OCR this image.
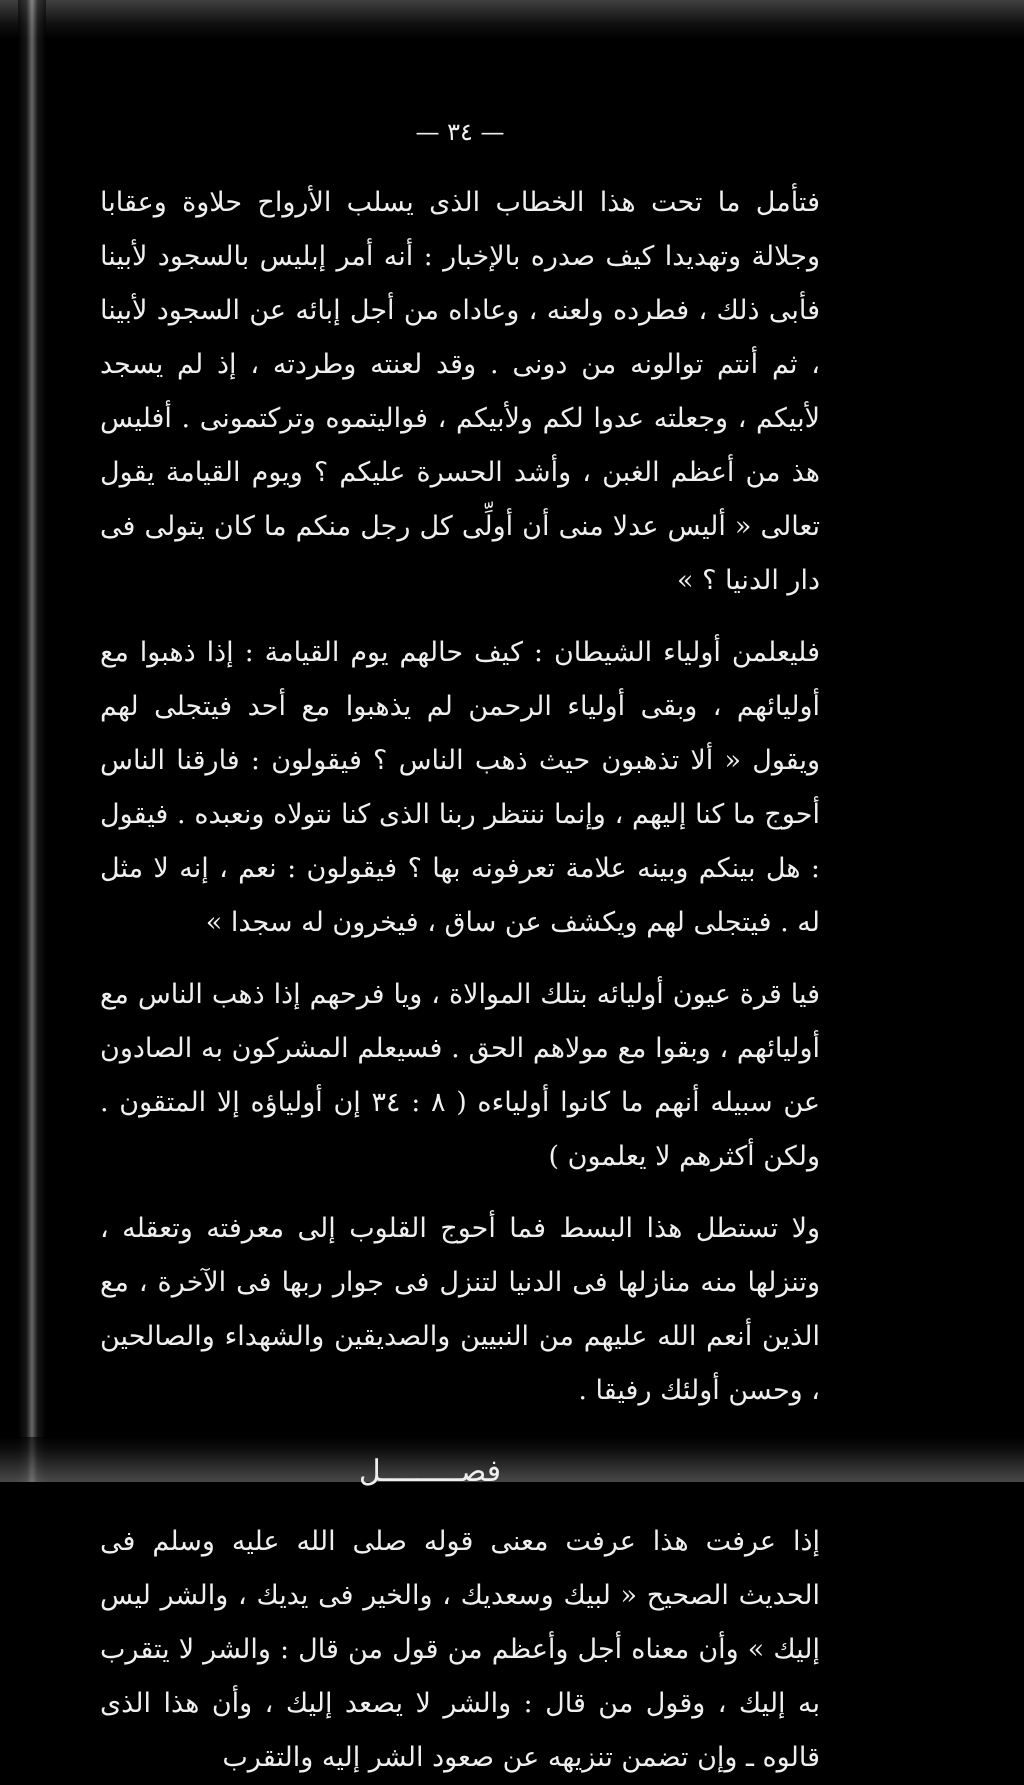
— ٣٤ —

فتأمل ما تحت هذا الخطاب الذى يسلب الأرواح حلاوة وعقابا وجلالة وتهديدا كيف صدره بالإخبار : أنه أمر إبليس بالسجود لأبينا فأبى ذلك ، فطرده ولعنه ، وعاداه من أجل إبائه عن السجود لأبينا ، ثم أنتم توالونه من دونى . وقد لعنته وطردته ، إذ لم يسجد لأبيكم ، وجعلته عدوا لكم ولأبيكم ، فواليتموه وتركتمونى . أفليس هذ من أعظم الغبن ، وأشد الحسرة عليكم ؟ ويوم القيامة يقول تعالى « أليس عدلا منى أن أولِّى كل رجل منكم ما كان يتولى فى دار الدنيا ؟ »

فليعلمن أولياء الشيطان : كيف حالهم يوم القيامة : إذا ذهبوا مع أوليائهم ، وبقى أولياء الرحمن لم يذهبوا مع أحد فيتجلى لهم ويقول « ألا تذهبون حيث ذهب الناس ؟ فيقولون : فارقنا الناس أحوج ما كنا إليهم ، وإنما ننتظر ربنا الذى كنا نتولاه ونعبده . فيقول : هل بينكم وبينه علامة تعرفونه بها ؟ فيقولون : نعم ، إنه لا مثل له . فيتجلى لهم ويكشف عن ساق ، فيخرون له سجدا »

فيا قرة عيون أوليائه بتلك الموالاة ، ويا فرحهم إذا ذهب الناس مع أوليائهم ، وبقوا مع مولاهم الحق . فسيعلم المشركون به الصادون عن سبيله أنهم ما كانوا أولياءه ( ٨ : ٣٤ إن أولياؤه إلا المتقون . ولكن أكثرهم لا يعلمون )

ولا تستطل هذا البسط فما أحوج القلوب إلى معرفته وتعقله ، وتنزلها منه منازلها فى الدنيا لتنزل فى جوار ربها فى الآخرة ، مع الذين أنعم الله عليهم من النبيين والصديقين والشهداء والصالحين ، وحسن أولئك رفيقا .

فصـــــــــل

إذا عرفت هذا عرفت معنى قوله صلى الله عليه وسلم فى الحديث الصحيح « لبيك وسعديك ، والخير فى يديك ، والشر ليس إليك » وأن معناه أجل وأعظم من قول من قال : والشر لا يتقرب به إليك ، وقول من قال : والشر لا يصعد إليك ، وأن هذا الذى قالوه ـ وإن تضمن تنزيهه عن صعود الشر إليه والتقرب
